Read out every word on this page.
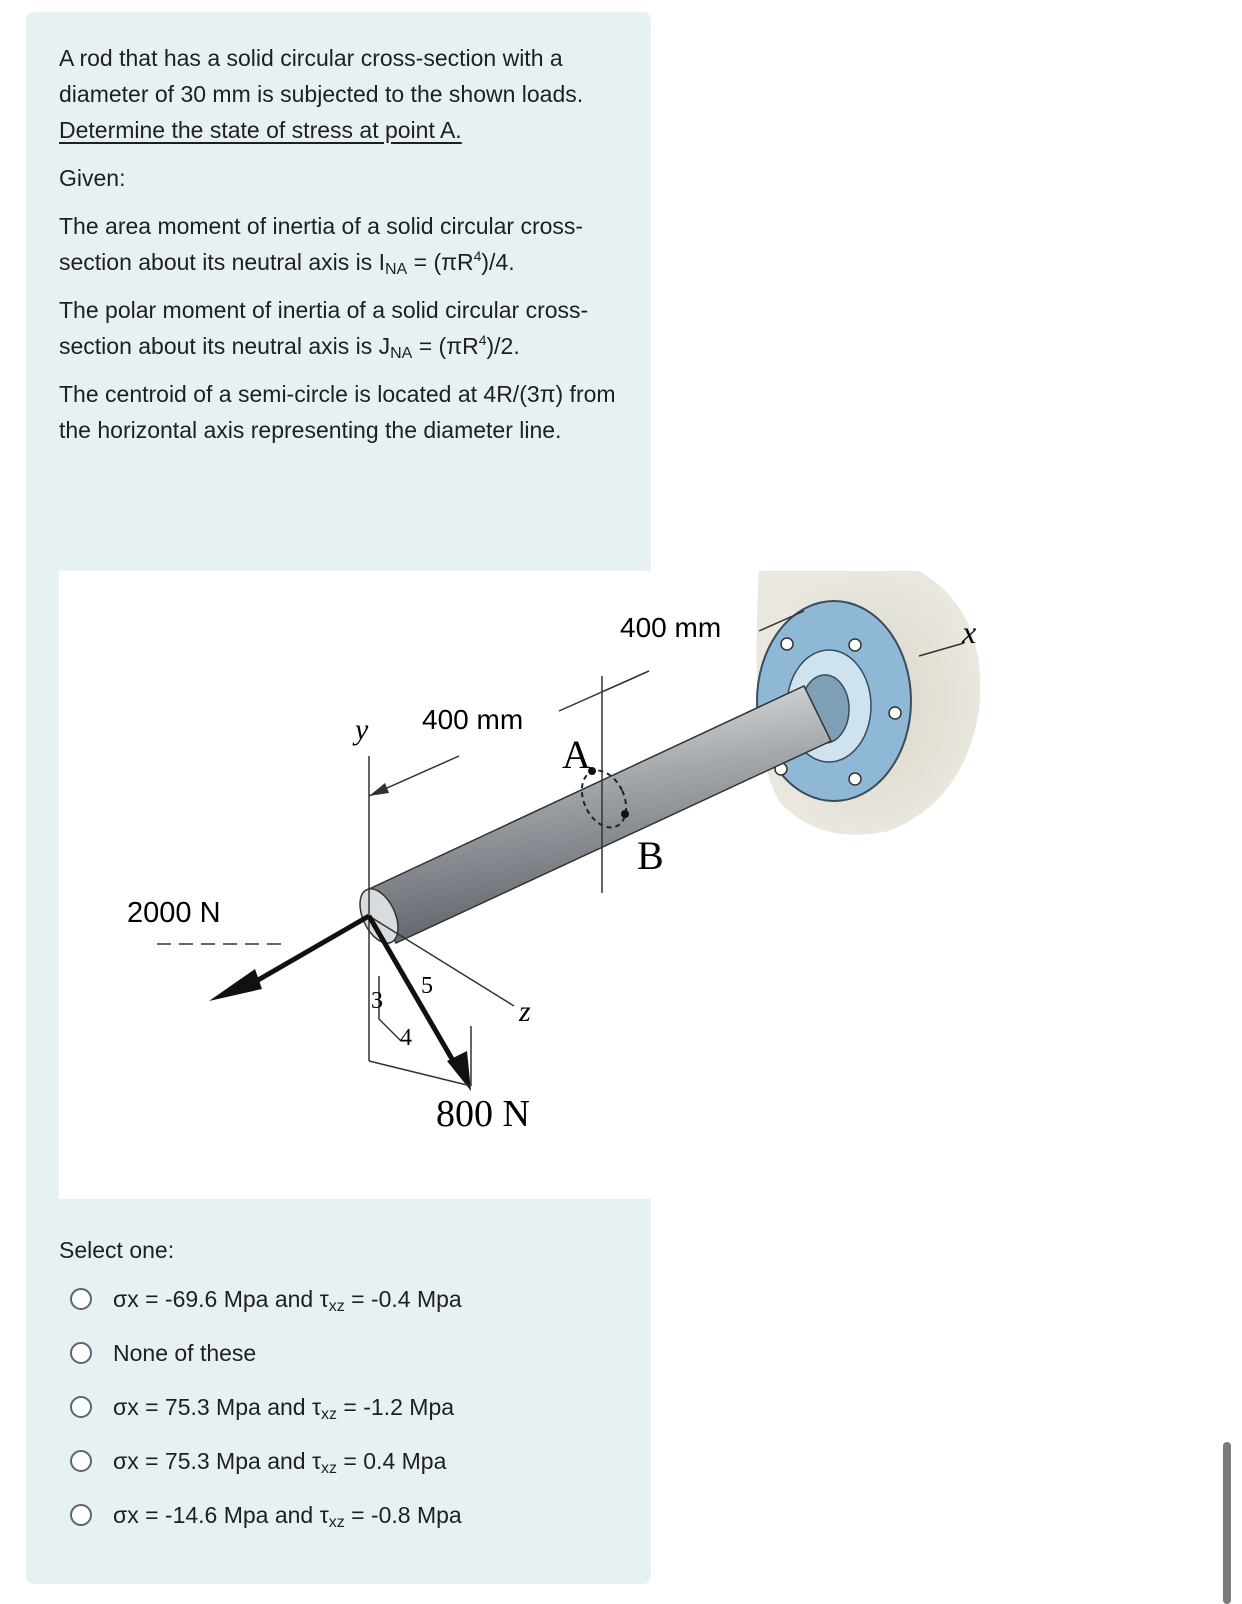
A rod that has a solid circular cross-section with a diameter of 30 mm is subjected to the shown loads. Determine the state of stress at point A.

Given:

The area moment of inertia of a solid circular cross-section about its neutral axis is $I_{NA} = (\pi R^4)/4$.

The polar moment of inertia of a solid circular cross-section about its neutral axis is $J_{NA} = (\pi R^4)/2$.

The centroid of a semi-circle is located at 4R/(3π) from the horizontal axis representing the diameter line.

y
x
z
400 mm
400 mm
A
B
2000 N
3
4
5
800 N
Select one:
σx = -69.6 Mpa and $\tau_{xz} = -0.4$ Mpa
None of these
σx = 75.3 Mpa and $\tau_{xz} = -1.2$ Mpa
σx = 75.3 Mpa and $\tau_{xz} = 0.4$ Mpa
σx = -14.6 Mpa and $\tau_{xz} = -0.8$ Mpa
